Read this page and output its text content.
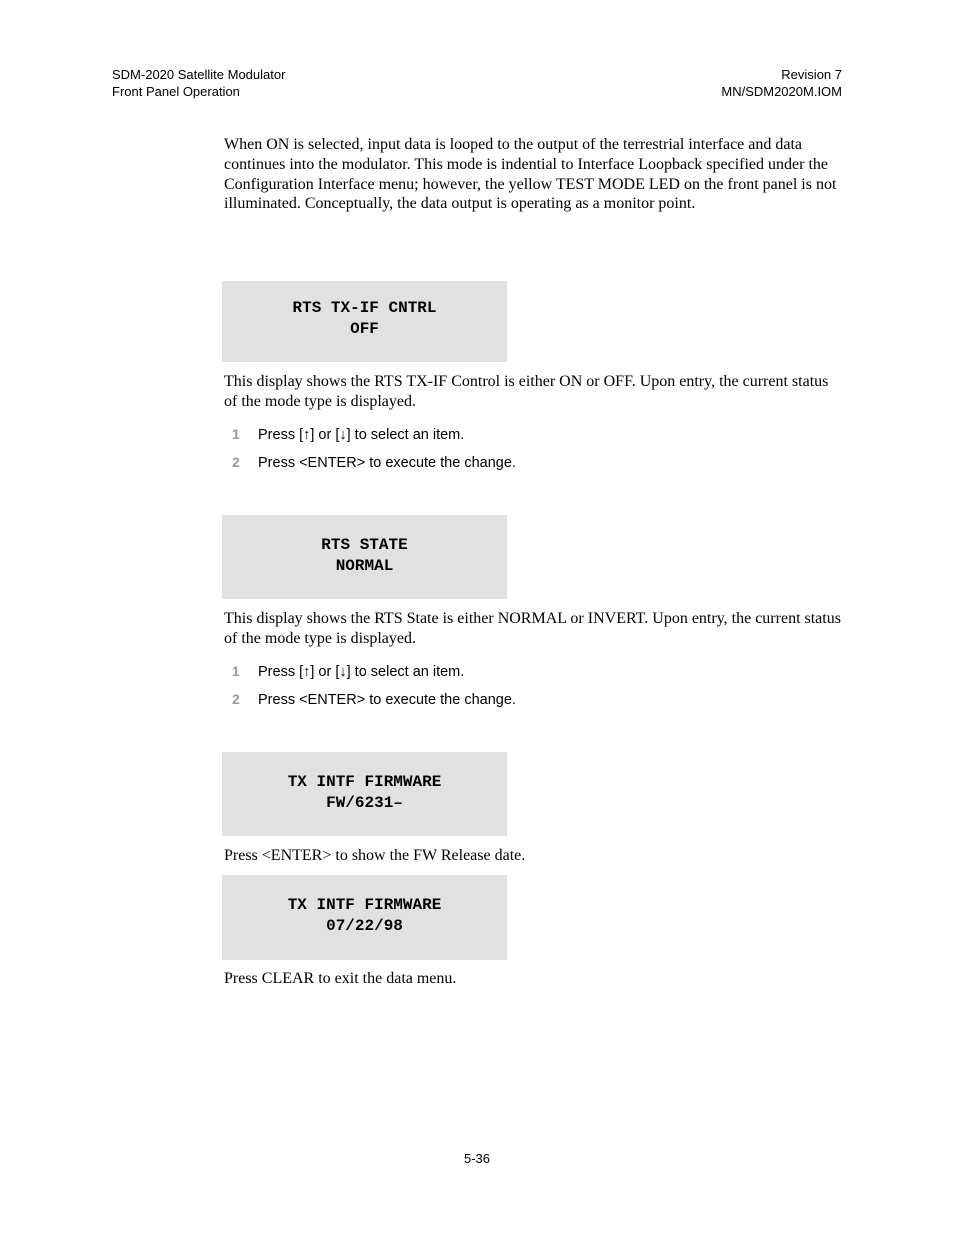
SDM-2020 Satellite Modulator
Front Panel Operation
Revision 7
MN/SDM2020M.IOM

When ON is selected, input data is looped to the output of the terrestrial interface and data continues into the modulator. This mode is indential to Interface Loopback specified under the Configuration Interface menu; however, the yellow TEST MODE LED on the front panel is not illuminated. Conceptually, the data output is operating as a monitor point.

RTS TX-IF CNTRL
OFF

This display shows the RTS TX-IF Control is either ON or OFF. Upon entry, the current status of the mode type is displayed.

1 Press [↑] or [↓] to select an item.
2 Press <ENTER> to execute the change.
RTS STATE
NORMAL

This display shows the RTS State is either NORMAL or INVERT. Upon entry, the current status of the mode type is displayed.

1 Press [↑] or [↓] to select an item.
2 Press <ENTER> to execute the change.
TX INTF FIRMWARE
FW/6231–

Press <ENTER> to show the FW Release date.

TX INTF FIRMWARE
07/22/98

Press CLEAR to exit the data menu.

5-36
